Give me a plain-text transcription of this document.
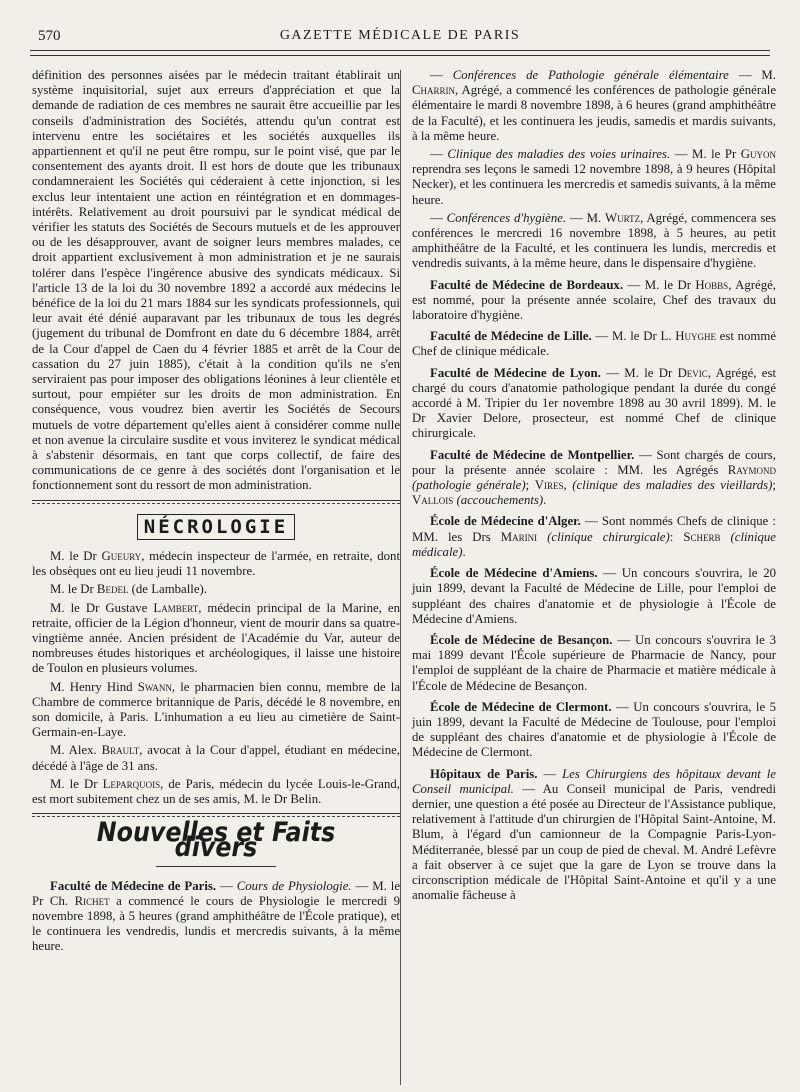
570	GAZETTE MÉDICALE DE PARIS

définition des personnes aisées par le médecin traitant établirait un système inquisitorial, sujet aux erreurs d'appréciation et que la demande de radiation de ces membres ne saurait être accueillie par les conseils d'administration des Sociétés, attendu qu'un contrat est intervenu entre les sociétaires et les sociétés auxquelles ils appartiennent et qu'il ne peut être rompu, sur le point visé, que par le consentement des ayants droit. Il est hors de doute que les tribunaux condamneraient les Sociétés qui céderaient à cette injonction, si les exclus leur intentaient une action en réintégration et en dommages-intérêts. Relativement au droit poursuivi par le syndicat médical de vérifier les statuts des Sociétés de Secours mutuels et de les approuver ou de les désapprouver, avant de soigner leurs membres malades, ce droit appartient exclusivement à mon administration et je ne saurais tolérer dans l'espèce l'ingérence abusive des syndicats médicaux. Si l'article 13 de la loi du 30 novembre 1892 a accordé aux médecins le bénéfice de la loi du 21 mars 1884 sur les syndicats professionnels, qui leur avait été dénié auparavant par les tribunaux de tous les degrés (jugement du tribunal de Domfront en date du 6 décembre 1884, arrêt de la Cour d'appel de Caen du 4 février 1885 et arrêt de la Cour de cassation du 27 juin 1885), c'était à la condition qu'ils ne s'en serviraient pas pour imposer des obligations léonines à leur clientèle et surtout, pour empiéter sur les droits de mon administration. En conséquence, vous voudrez bien avertir les Sociétés de Secours mutuels de votre département qu'elles aient à considérer comme nulle et non avenue la circulaire susdite et vous inviterez le syndicat médical à s'abstenir désormais, en tant que corps collectif, de faire des communications de ce genre à des sociétés dont l'organisation et le fonctionnement sont du ressort de mon administration.

NÉCROLOGIE

M. le Dr Gueury, médecin inspecteur de l'armée, en retraite, dont les obsèques ont eu lieu jeudi 11 novembre.

M. le Dr Bedel (de Lamballe).

M. le Dr Gustave Lambert, médecin principal de la Marine, en retraite, officier de la Légion d'honneur, vient de mourir dans sa quatre-vingtième année. Ancien président de l'Académie du Var, auteur de nombreuses études historiques et archéologiques, il laisse une histoire de Toulon en plusieurs volumes.

M. Henry Hind Swann, le pharmacien bien connu, membre de la Chambre de commerce britannique de Paris, décédé le 8 novembre, en son domicile, à Paris. L'inhumation a eu lieu au cimetière de Saint-Germain-en-Laye.

M. Alex. Brault, avocat à la Cour d'appel, étudiant en médecine, décédé à l'âge de 31 ans.

M. le Dr Leparquois, de Paris, médecin du lycée Louis-le-Grand, est mort subitement chez un de ses amis, M. le Dr Belin.

Nouvelles et Faits divers

Faculté de Médecine de Paris. — Cours de Physiologie. — M. le Pr Ch. Richet a commencé le cours de Physiologie le mercredi 9 novembre 1898, à 5 heures (grand amphithéâtre de l'École pratique), et le continuera les vendredis, lundis et mercredis suivants, à la même heure.

— Conférences de Pathologie générale élémentaire — M. Charrin, Agrégé, a commencé les conférences de pathologie générale élémentaire le mardi 8 novembre 1898, à 6 heures (grand amphithéâtre de la Faculté), et les continuera les jeudis, samedis et mardis suivants, à la même heure.

— Clinique des maladies des voies urinaires. — M. le Pr Guyon reprendra ses leçons le samedi 12 novembre 1898, à 9 heures (Hôpital Necker), et les continuera les mercredis et samedis suivants, à la même heure.

— Conférences d'hygiène. — M. Wurtz, Agrégé, commencera ses conférences le mercredi 16 novembre 1898, à 5 heures, au petit amphithéâtre de la Faculté, et les continuera les lundis, mercredis et vendredis suivants, à la même heure, dans le dispensaire d'hygiène.

Faculté de Médecine de Bordeaux. — M. le Dr Hobbs, Agrégé, est nommé, pour la présente année scolaire, Chef des travaux du laboratoire d'hygiène.

Faculté de Médecine de Lille. — M. le Dr L. Huyghe est nommé Chef de clinique médicale.

Faculté de Médecine de Lyon. — M. le Dr Devic, Agrégé, est chargé du cours d'anatomie pathologique pendant la durée du congé accordé à M. Tripier du 1er novembre 1898 au 30 avril 1899). M. le Dr Xavier Delore, prosecteur, est nommé Chef de clinique chirurgicale.

Faculté de Médecine de Montpellier. — Sont chargés de cours, pour la présente année scolaire : MM. les Agrégés Raymond (pathologie générale); Vires, (clinique des maladies des vieillards); Vallois (accouchements).

École de Médecine d'Alger. — Sont nommés Chefs de clinique : MM. les Drs Marini (clinique chirurgicale): Scherb (clinique médicale).

École de Médecine d'Amiens. — Un concours s'ouvrira, le 20 juin 1899, devant la Faculté de Médecine de Lille, pour l'emploi de suppléant des chaires d'anatomie et de physiologie à l'École de Médecine d'Amiens.

École de Médecine de Besançon. — Un concours s'ouvrira le 3 mai 1899 devant l'École supérieure de Pharmacie de Nancy, pour l'emploi de suppléant de la chaire de Pharmacie et matière médicale à l'École de Médecine de Besançon.

École de Médecine de Clermont. — Un concours s'ouvrira, le 5 juin 1899, devant la Faculté de Médecine de Toulouse, pour l'emploi de suppléant des chaires d'anatomie et de physiologie à l'École de Médecine de Clermont.

Hôpitaux de Paris. — Les Chirurgiens des hôpitaux devant le Conseil municipal. — Au Conseil municipal de Paris, vendredi dernier, une question a été posée au Directeur de l'Assistance publique, relativement à l'attitude d'un chirurgien de l'Hôpital Saint-Antoine, M. Blum, à l'égard d'un camionneur de la Compagnie Paris-Lyon-Méditerranée, blessé par un coup de pied de cheval. M. André Lefèvre a fait observer à ce sujet que la gare de Lyon se trouve dans la circonscription médicale de l'Hôpital Saint-Antoine et qu'il y a une anomalie fâcheuse à
